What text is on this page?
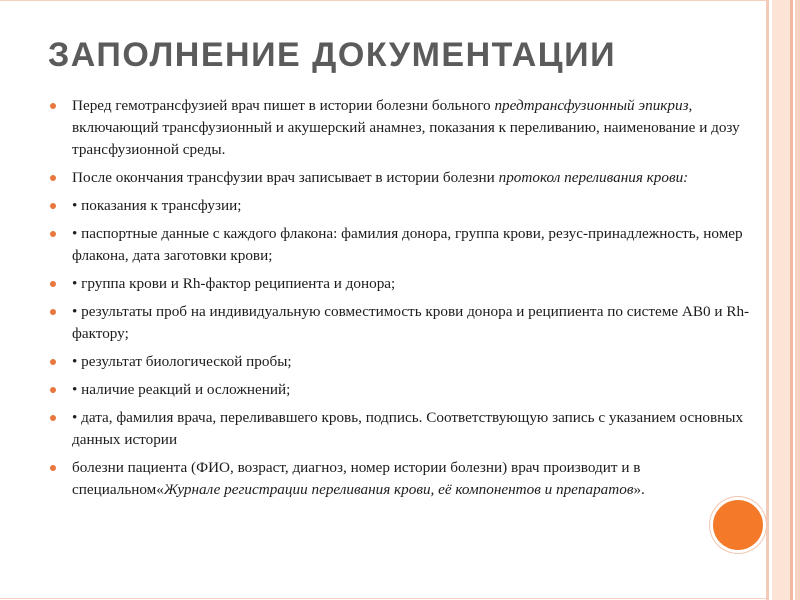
ЗАПОЛНЕНИЕ ДОКУМЕНТАЦИИ
Перед гемотрансфузией врач пишет в истории болезни больного предтрансфузионный эпикриз, включающий трансфузионный и акушерский анамнез, показания к переливанию, наименование и дозу трансфузионной среды.
После окончания трансфузии врач записывает в истории болезни протокол переливания крови:
• показания к трансфузии;
• паспортные данные с каждого флакона: фамилия донора, группа крови, резус-принадлежность, номер флакона, дата заготовки крови;
• группа крови и Rh-фактор реципиента и донора;
• результаты проб на индивидуальную совместимость крови донора и реципиента по системе АВ0 и Rh-фактору;
• результат биологической пробы;
• наличие реакций и осложнений;
• дата, фамилия врача, переливавшего кровь, подпись. Соответствующую запись с указанием основных данных истории
болезни пациента (ФИО, возраст, диагноз, номер истории болезни) врач производит и в специальном«Журнале регистрации переливания крови, её компонентов и препаратов».
